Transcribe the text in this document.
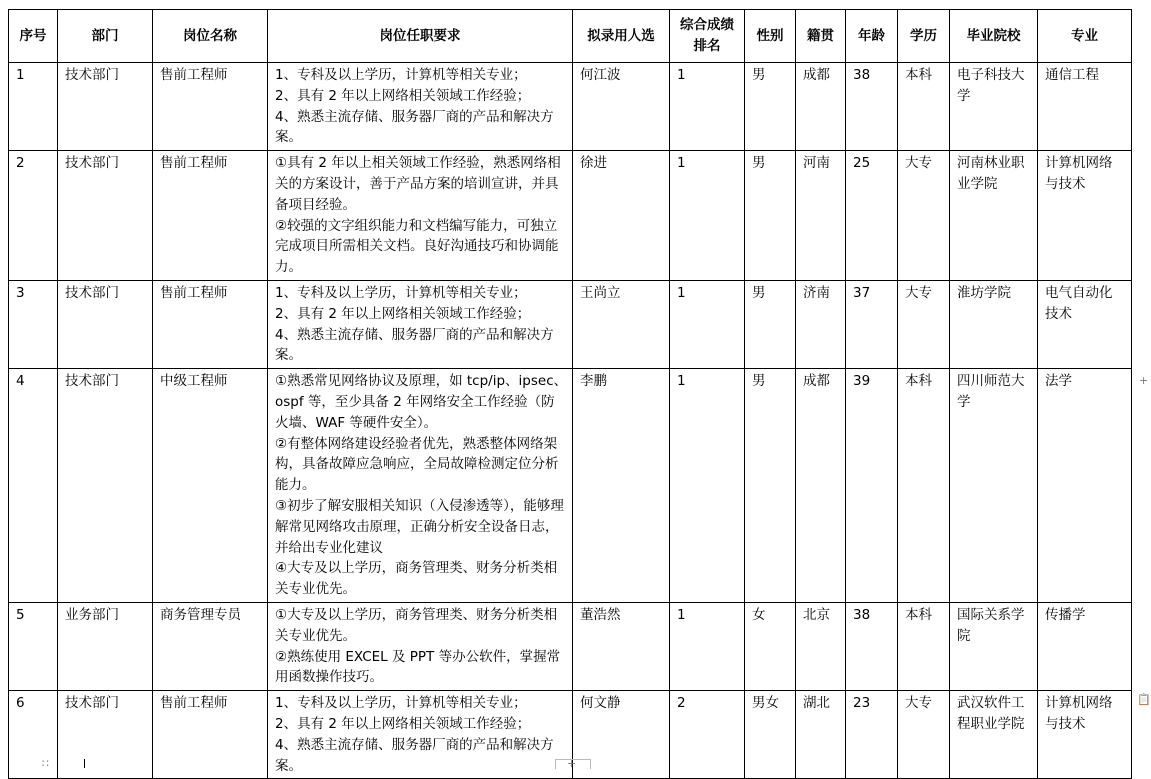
序号	部门	岗位名称	岗位任职要求	拟录用人选	综合成绩排名	性别	籍贯	年龄	学历	毕业院校	专业
1	技术部门	售前工程师	1、专科及以上学历，计算机等相关专业；
2、具有 2 年以上网络相关领域工作经验；
4、熟悉主流存储、服务器厂商的产品和解决方案。	何江波	1	男	成都	38	本科	电子科技大学	通信工程
2	技术部门	售前工程师	①具有 2 年以上相关领域工作经验，熟悉网络相关的方案设计，善于产品方案的培训宣讲，并具备项目经验。
②较强的文字组织能力和文档编写能力，可独立完成项目所需相关文档。良好沟通技巧和协调能力。	徐进	1	男	河南	25	大专	河南林业职业学院	计算机网络与技术
3	技术部门	售前工程师	1、专科及以上学历，计算机等相关专业；
2、具有 2 年以上网络相关领域工作经验；
4、熟悉主流存储、服务器厂商的产品和解决方案。	王尚立	1	男	济南	37	大专	淮坊学院	电气自动化技术
4	技术部门	中级工程师	①熟悉常见网络协议及原理，如 tcp/ip、ipsec、ospf 等，至少具备 2 年网络安全工作经验（防火墙、WAF 等硬件安全）。
②有整体网络建设经验者优先，熟悉整体网络架构，具备故障应急响应，全局故障检测定位分析能力。
③初步了解安服相关知识（入侵渗透等），能够理解常见网络攻击原理，正确分析安全设备日志，并给出专业化建议
④大专及以上学历，商务管理类、财务分析类相关专业优先。	李鹏	1	男	成都	39	本科	四川师范大学	法学
5	业务部门	商务管理专员	①大专及以上学历，商务管理类、财务分析类相关专业优先。
②熟练使用 EXCEL 及 PPT 等办公软件，掌握常用函数操作技巧。	董浩然	1	女	北京	38	本科	国际关系学院	传播学
6	技术部门	售前工程师	1、专科及以上学历，计算机等相关专业；
2、具有 2 年以上网络相关领域工作经验；
4、熟悉主流存储、服务器厂商的产品和解决方案。	何文静	2	男女	湖北	23	大专	武汉软件工程职业学院	计算机网络与技术
+
📋
∷	+
